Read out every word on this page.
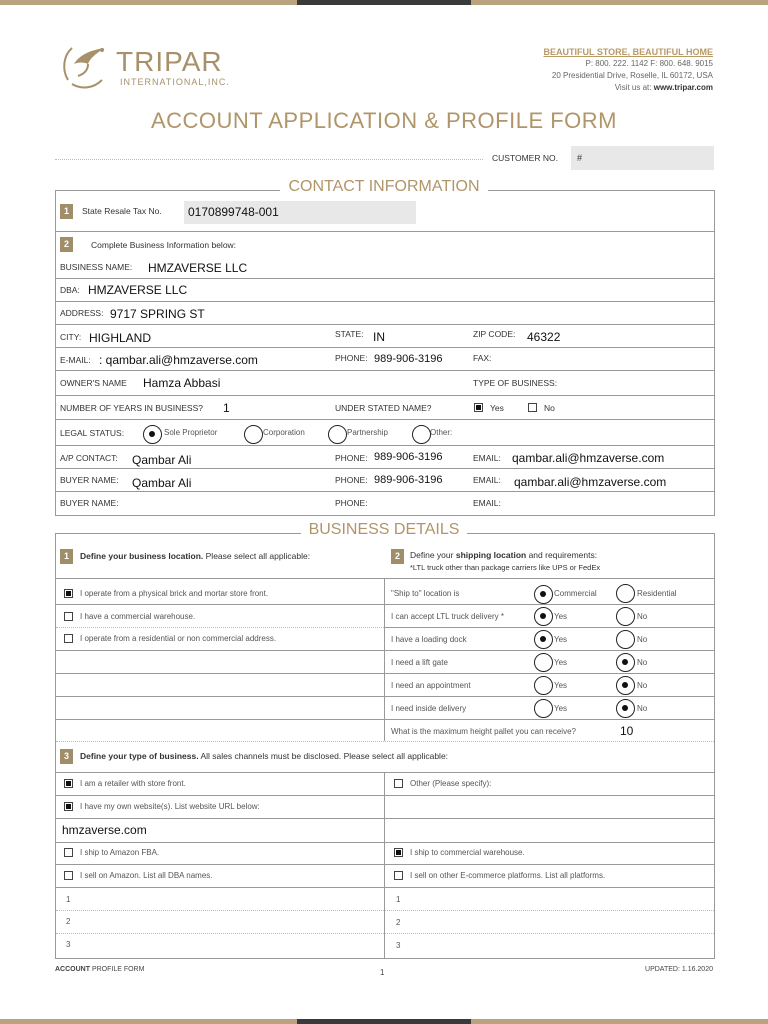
TRIPAR
INTERNATIONAL,INC.
BEAUTIFUL STORE, BEAUTIFUL HOME
P: 800. 222. 1142 F: 800. 648. 9015
20 Presidential Drive, Roselle, IL 60172, USA
Visit us at: www.tripar.com
ACCOUNT APPLICATION & PROFILE FORM
CUSTOMER NO. #
1	State Resale Tax No. 0170899748-001
2	Complete Business Information below:
BUSINESS NAME: HMZAVERSE LLC
DBA: HMZAVERSE LLC
ADDRESS: 9717 SPRING ST
CITY: HIGHLAND	STATE: IN	ZIP CODE: 46322
E-MAIL: : qambar.ali@hmzaverse.com	PHONE: 989-906-3196	FAX:
OWNER'S NAME Hamza Abbasi	TYPE OF BUSINESS:
NUMBER OF YEARS IN BUSINESS? 1	UNDER STATED NAME?	Yes	No
LEGAL STATUS:	Sole Proprietor	Corporation	Partnership	Other:
A/P CONTACT: Qambar Ali	PHONE: 989-906-3196	EMAIL: qambar.ali@hmzaverse.com
BUYER NAME: Qambar Ali	PHONE: 989-906-3196	EMAIL: qambar.ali@hmzaverse.com
BUYER NAME:	PHONE:	EMAIL:
CONTACT INFORMATION
1	Define your business location. Please select all applicable:	2	Define your shipping location and requirements:
*LTL truck other than package carriers like UPS or FedEx
I operate from a physical brick and mortar store front.	"Ship to" location is	Commercial	Residential
I have a commercial warehouse.	I can accept LTL truck delivery *	Yes	No
I operate from a residential or non commercial address.	I have a loading dock	Yes	No
I need a lift gate	Yes	No
I need an appointment	Yes	No
I need inside delivery	Yes	No
What is the maximum height pallet you can receive?	10
3	Define your type of business. All sales channels must be disclosed. Please select all applicable:
I am a retailer with store front.	Other (Please specify):
I have my own website(s). List website URL below:
hmzaverse.com
I ship to Amazon FBA.	I ship to commercial warehouse.
I sell on Amazon. List all DBA names.	I sell on other E-commerce platforms. List all platforms.
1	1
2	2
3	3
BUSINESS DETAILS
ACCOUNT PROFILE FORM	1	UPDATED: 1.16.2020
